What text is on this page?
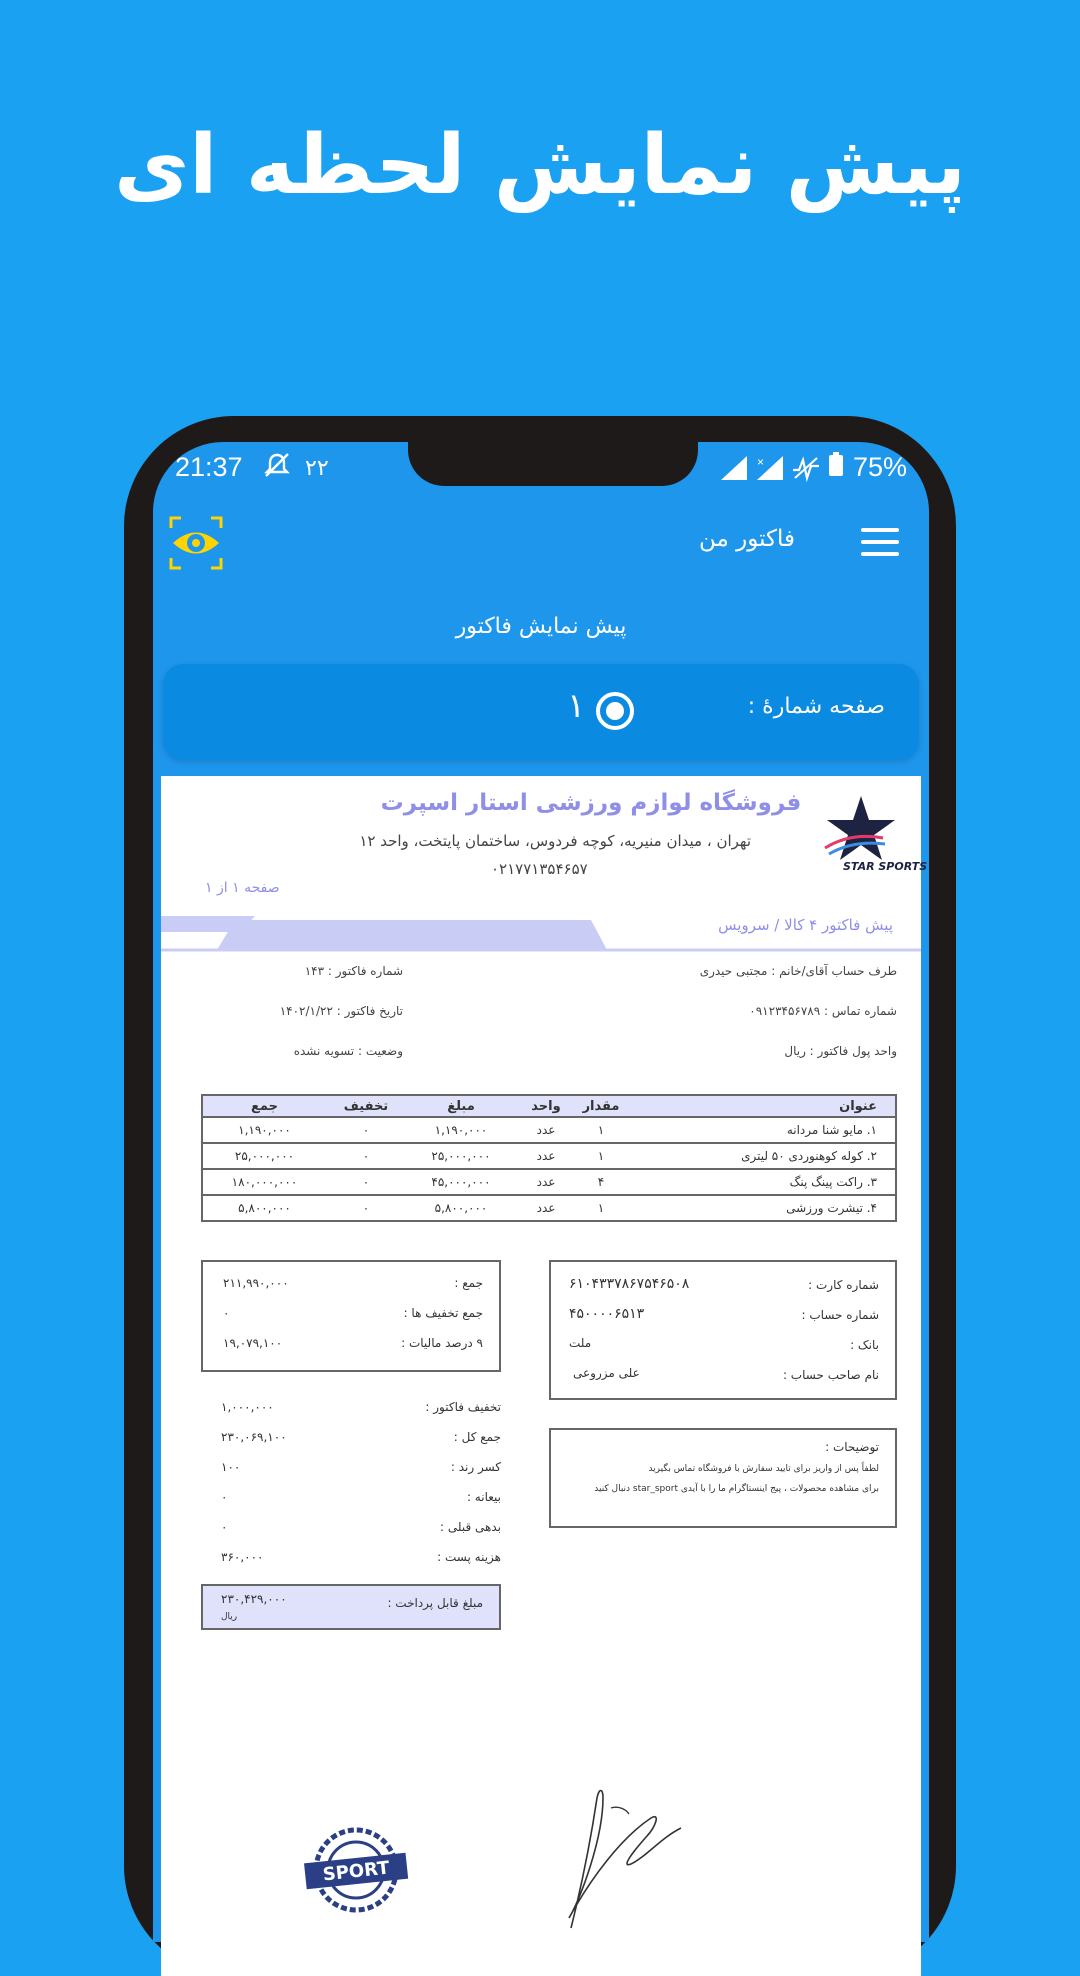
پیش نمایش لحظه ای
21:37	۲۲	×	75%
فاکتور من
پیش نمایش فاکتور
صفحه شمارهٔ :
۱
فروشگاه لوازم ورزشی استار اسپرت
تهران ، میدان منیریه، کوچه فردوس، ساختمان پایتخت، واحد ۱۲
۰۲۱۷۷۱۳۵۴۶۵۷	STAR SPORTS
صفحه ۱ از ۱
پیش فاکتور ۴ کالا / سرویس
طرف حساب آقای/خانم : مجتبی حیدری
شماره تماس : ۰۹۱۲۳۴۵۶۷۸۹
واحد پول فاکتور : ریال
شماره فاکتور : ۱۴۳
تاریخ فاکتور : ۱۴۰۲/۱/۲۲
وضعیت : تسویه نشده
عنوان	مقدار	واحد	مبلغ	تخفیف	جمع
۱. مایو شنا مردانه	۱	عدد	۱,۱۹۰,۰۰۰	۰	۱,۱۹۰,۰۰۰
۲. کوله کوهنوردی ۵۰ لیتری	۱	عدد	۲۵,۰۰۰,۰۰۰	۰	۲۵,۰۰۰,۰۰۰
۳. راکت پینگ پنگ	۴	عدد	۴۵,۰۰۰,۰۰۰	۰	۱۸۰,۰۰۰,۰۰۰
۴. تیشرت ورزشی	۱	عدد	۵,۸۰۰,۰۰۰	۰	۵,۸۰۰,۰۰۰
جمع :
۲۱۱,۹۹۰,۰۰۰
جمع تخفیف ها :
۰
۹ درصد مالیات :
۱۹,۰۷۹,۱۰۰
شماره کارت :
۶۱۰۴۳۳۷۸۶۷۵۴۶۵۰۸
شماره حساب :
۴۵۰۰۰۰۶۵۱۳
بانک :
ملت
نام صاحب حساب :
علی مزروعی
توضیحات :
لطفاً پس از واریز برای تایید سفارش با فروشگاه تماس بگیرید
برای مشاهده محصولات ، پیج اینستاگرام ما را با آیدی star_sport دنبال کنید
تخفیف فاکتور :
۱,۰۰۰,۰۰۰
جمع کل :
۲۳۰,۰۶۹,۱۰۰
کسر رند :
۱۰۰
بیعانه :
۰
بدهی قبلی :
۰
هزینه پست :
۳۶۰,۰۰۰
مبلغ قابل پرداخت :
۲۳۰,۴۲۹,۰۰۰
ریال
SPORT
